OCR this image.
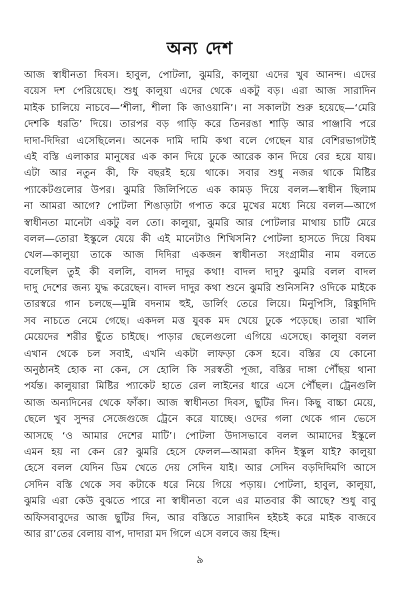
অন্য দেশ
আজ স্বাধীনতা দিবস। হাবুল, পোটলা, ঝুমরি, কালুয়া এদের খুব আনন্দ। এদের
বয়েস দশ পেরিয়েছে। শুধু কালুয়া এদের থেকে একটু বড়। এরা আজ সারাদিন
মাইক চালিয়ে নাচবে—‘শীলা, শীলা কি জাওয়ানি’। না সকালটা শুরু হয়েছে—‘মেরি
দেশকি ধরতি’ দিয়ে। তারপর বড় গাড়ি করে তিনরঙা শাড়ি আর পাঞ্জাবি পরে
দাদা-দিদিরা এসেছিলেন। অনেক দামি দামি কথা বলে গেছেন যার বেশিরভাগটাই
এই বস্তি এলাকার মানুষের এক কান দিয়ে ঢুকে আরেক কান দিয়ে বের হয়ে যায়।
এটা আর নতুন কী, ফি বছরই হয়ে থাকে। সবার শুধু নজর থাকে মিষ্টির
প্যাকেটগুলোর উপর। ঝুমরি জিলিপিতে এক কামড় দিয়ে বলল—স্বাধীন ছিলাম
না আমরা আগে? পোটলা শিঙাড়াটা গপাত করে মুখের মধ্যে নিয়ে বলল—আগে
স্বাধীনতা মানেটা একটু বল তো। কালুয়া, ঝুমরি আর পোটলার মাথায় চাটি মেরে
বলল—তোরা ইস্কুলে যেয়ে কী এই মানেটাও শিখিসনি? পোটলা হাসতে দিয়ে বিষম
খেল—কালুয়া তাকে আজ দিদিরা একজন স্বাধীনতা সংগ্রামীর নাম বলতে
বলেছিল তুই কী বললি, বাদল দাদুর কথা! বাদল দাদু? ঝুমরি বলল বাদল
দাদু দেশের জন্য যুদ্ধ করেছেন। বাদল দাদুর কথা শুনে ঝুমরি শুনিসনি? ওদিকে মাইকে
তারস্বরে গান চলছে—মুন্নি বদনাম হুই, ডার্লিং তেরে লিয়ে। মিনুপিসি, রিঙ্কুদিদি
সব নাচতে নেমে গেছে। একদল মত্ত যুবক মদ খেয়ে ঢুকে পড়েছে। তারা খালি
মেয়েদের শরীর ছুঁতে চাইছে। পাড়ার ছেলেগুলো এগিয়ে এসেছে। কালুয়া বলল
এখান থেকে চল সবাই, এখনি একটা লাফড়া কেস হবে। বস্তির যে কোনো
অনুষ্ঠানই হোক না কেন, সে হোলি কি সরস্বতী পূজা, বস্তির দাঙ্গা পৌঁছয় থানা
পর্যন্ত। কালুয়ারা মিষ্টির প্যাকেট হাতে রেল লাইনের ধারে এসে পৌঁছল। ট্রেনগুলি
আজ অন্যদিনের থেকে ফাঁকা। আজ স্বাধীনতা দিবস, ছুটির দিন। কিছু বাচ্চা মেয়ে,
ছেলে খুব সুন্দর সেজেগুজে ট্রেনে করে যাচ্ছে। ওদের গলা থেকে গান ভেসে
আসছে ‘ও আমার দেশের মাটি’। পোটলা উদাসভাবে বলল আমাদের ইস্কুলে
এমন হয় না কেন রে? ঝুমরি হেসে ফেলল—আমরা কদিন ইস্কুল যাই? কালুয়া
হেসে বলল যেদিন ডিম খেতে দেয় সেদিন যাই। আর সেদিন বড়দিদিমণি আসে
সেদিন বস্তি থেকে সব কটাকে ধরে নিয়ে গিয়ে পড়ায়। পোটলা, হাবুল, কালুয়া,
ঝুমরি এরা কেউ বুঝতে পারে না স্বাধীনতা বলে এর মাতবার কী আছে? শুধু বাবু
অফিসবাবুদের আজ ছুটির দিন, আর বস্তিতে সারাদিন হইচই করে মাইক বাজবে
আর রা’তের বেলায় বাপ, দাদারা মদ গিলে এসে বলবে জয় হিন্দ।
৯
